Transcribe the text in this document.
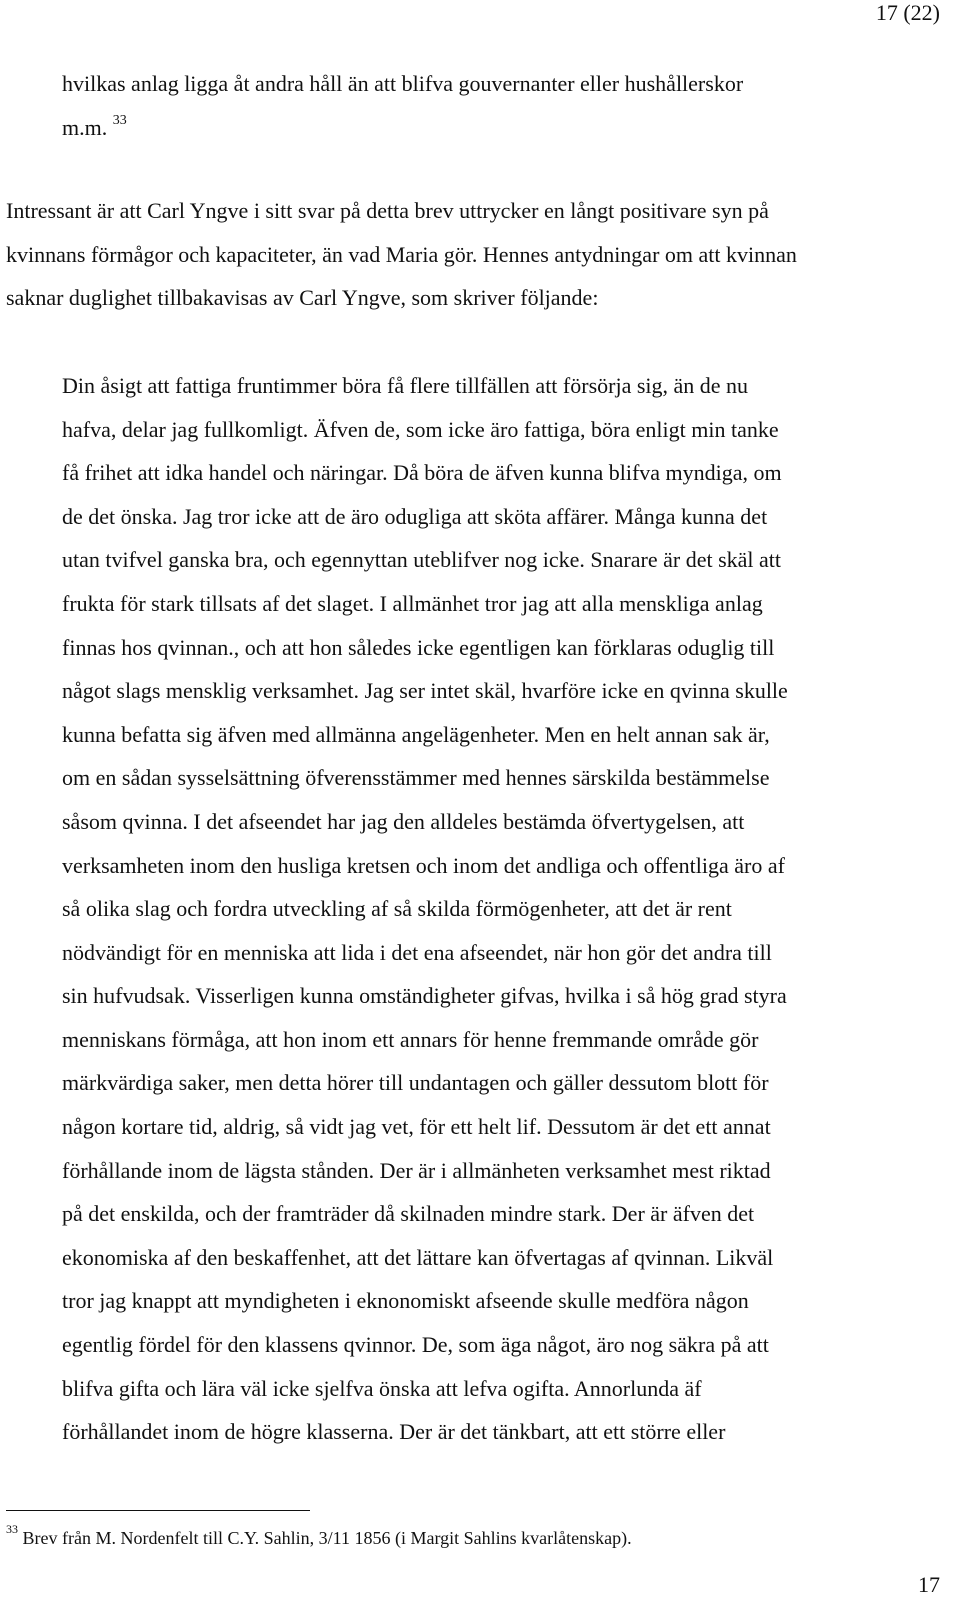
17 (22)
hvilkas anlag ligga åt andra håll än att blifva gouvernanter eller hushållerskor
m.m. $^{33}$
Intressant är att Carl Yngve i sitt svar på detta brev uttrycker en långt positivare syn på
kvinnans förmågor och kapaciteter, än vad Maria gör. Hennes antydningar om att kvinnan
saknar duglighet tillbakavisas av Carl Yngve, som skriver följande:
Din åsigt att fattiga fruntimmer böra få flere tillfällen att försörja sig, än de nu
hafva, delar jag fullkomligt. Äfven de, som icke äro fattiga, böra enligt min tanke
få frihet att idka handel och näringar. Då böra de äfven kunna blifva myndiga, om
de det önska. Jag tror icke att de äro odugliga att sköta affärer. Många kunna det
utan tvifvel ganska bra, och egennyttan uteblifver nog icke. Snarare är det skäl att
frukta för stark tillsats af det slaget. I allmänhet tror jag att alla menskliga anlag
finnas hos qvinnan., och att hon således icke egentligen kan förklaras oduglig till
något slags mensklig verksamhet. Jag ser intet skäl, hvarföre icke en qvinna skulle
kunna befatta sig äfven med allmänna angelägenheter. Men en helt annan sak är,
om en sådan sysselsättning öfverensstämmer med hennes särskilda bestämmelse
såsom qvinna. I det afseendet har jag den alldeles bestämda öfvertygelsen, att
verksamheten inom den husliga kretsen och inom det andliga och offentliga äro af
så olika slag och fordra utveckling af så skilda förmögenheter, att det är rent
nödvändigt för en menniska att lida i det ena afseendet, när hon gör det andra till
sin hufvudsak. Visserligen kunna omständigheter gifvas, hvilka i så hög grad styra
menniskans förmåga, att hon inom ett annars för henne fremmande område gör
märkvärdiga saker, men detta hörer till undantagen och gäller dessutom blott för
någon kortare tid, aldrig, så vidt jag vet, för ett helt lif. Dessutom är det ett annat
förhållande inom de lägsta stånden. Der är i allmänheten verksamhet mest riktad
på det enskilda, och der framträder då skilnaden mindre stark. Der är äfven det
ekonomiska af den beskaffenhet, att det lättare kan öfvertagas af qvinnan. Likväl
tror jag knappt att myndigheten i eknonomiskt afseende skulle medföra någon
egentlig fördel för den klassens qvinnor. De, som äga något, äro nog säkra på att
blifva gifta och lära väl icke sjelfva önska att lefva ogifta. Annorlunda äf
förhållandet inom de högre klasserna. Der är det tänkbart, att ett större eller
$^{33}$ Brev från M. Nordenfelt till C.Y. Sahlin, 3/11 1856 (i Margit Sahlins kvarlåtenskap).
17
